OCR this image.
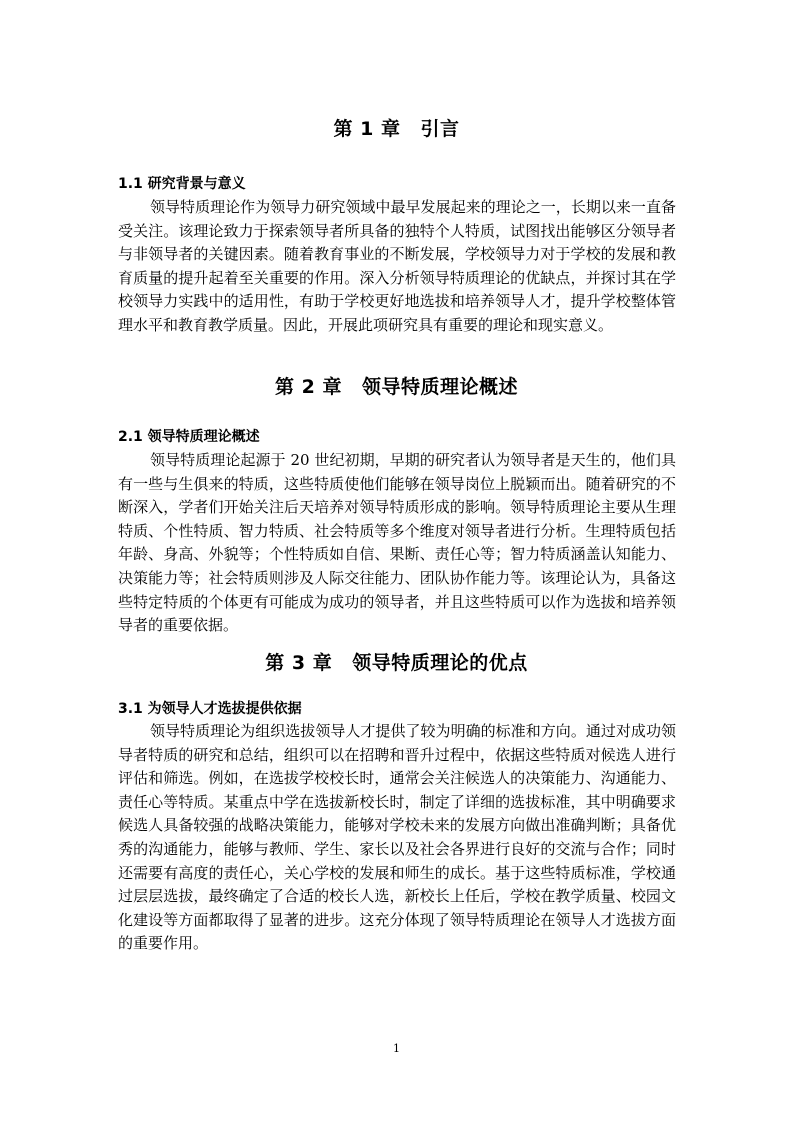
第 1 章 引言
1.1 研究背景与意义

领导特质理论作为领导力研究领域中最早发展起来的理论之一，长期以来一直备受关注。该理论致力于探索领导者所具备的独特个人特质，试图找出能够区分领导者与非领导者的关键因素。随着教育事业的不断发展，学校领导力对于学校的发展和教育质量的提升起着至关重要的作用。深入分析领导特质理论的优缺点，并探讨其在学校领导力实践中的适用性，有助于学校更好地选拔和培养领导人才，提升学校整体管理水平和教育教学质量。因此，开展此项研究具有重要的理论和现实意义。

第 2 章 领导特质理论概述
2.1 领导特质理论概述

领导特质理论起源于 20 世纪初期，早期的研究者认为领导者是天生的，他们具有一些与生俱来的特质，这些特质使他们能够在领导岗位上脱颖而出。随着研究的不断深入，学者们开始关注后天培养对领导特质形成的影响。领导特质理论主要从生理特质、个性特质、智力特质、社会特质等多个维度对领导者进行分析。生理特质包括年龄、身高、外貌等；个性特质如自信、果断、责任心等；智力特质涵盖认知能力、决策能力等；社会特质则涉及人际交往能力、团队协作能力等。该理论认为，具备这些特定特质的个体更有可能成为成功的领导者，并且这些特质可以作为选拔和培养领导者的重要依据。

第 3 章 领导特质理论的优点
3.1 为领导人才选拔提供依据

领导特质理论为组织选拔领导人才提供了较为明确的标准和方向。通过对成功领导者特质的研究和总结，组织可以在招聘和晋升过程中，依据这些特质对候选人进行评估和筛选。例如，在选拔学校校长时，通常会关注候选人的决策能力、沟通能力、责任心等特质。某重点中学在选拔新校长时，制定了详细的选拔标准，其中明确要求候选人具备较强的战略决策能力，能够对学校未来的发展方向做出准确判断；具备优秀的沟通能力，能够与教师、学生、家长以及社会各界进行良好的交流与合作；同时还需要有高度的责任心，关心学校的发展和师生的成长。基于这些特质标准，学校通过层层选拔，最终确定了合适的校长人选，新校长上任后，学校在教学质量、校园文化建设等方面都取得了显著的进步。这充分体现了领导特质理论在领导人才选拔方面的重要作用。

1
